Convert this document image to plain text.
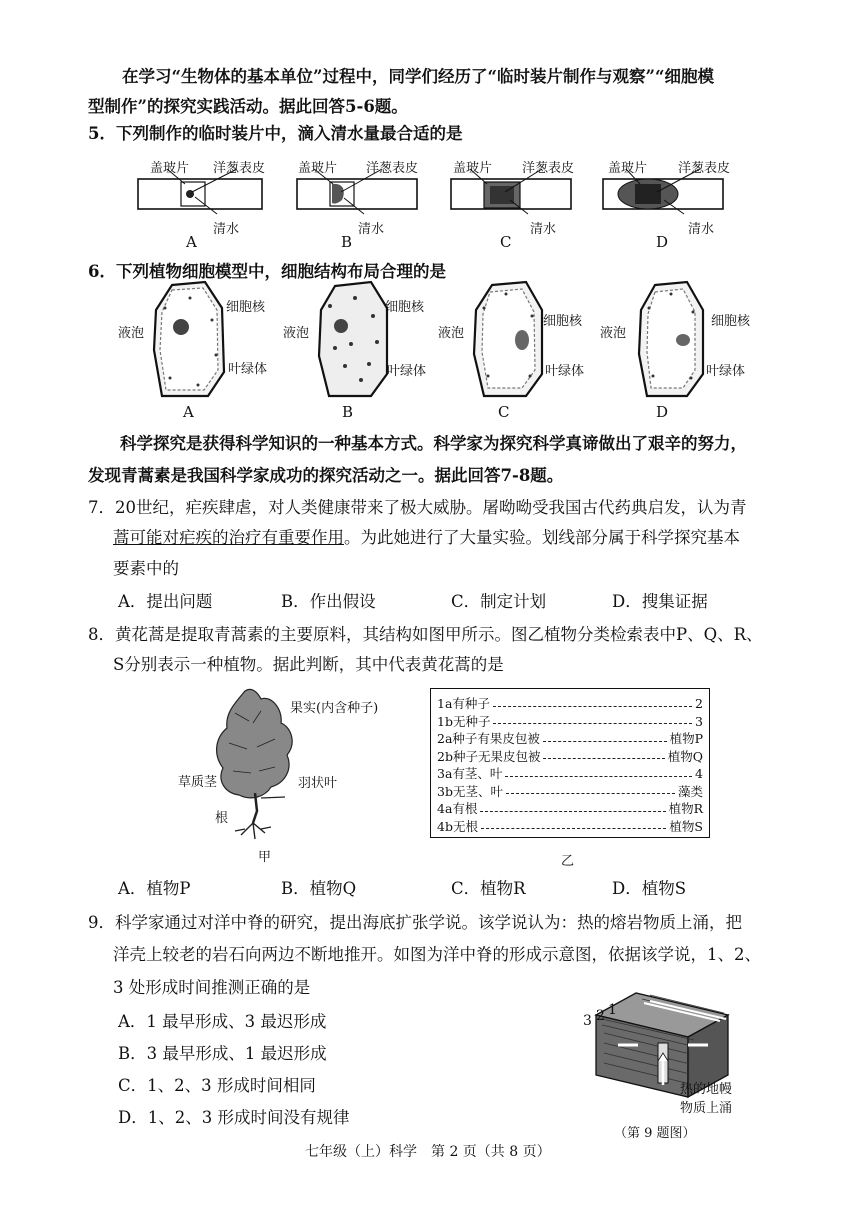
在学习“生物体的基本单位”过程中，同学们经历了“临时装片制作与观察”“细胞模
型制作”的探究实践活动。据此回答5-6题。
5．下列制作的临时装片中，滴入清水量最合适的是
盖玻片 洋葱表皮
清水
A
盖玻片 洋葱表皮
清水
B
盖玻片 洋葱表皮
清水
C
盖玻片 洋葱表皮
清水
D
6．下列植物细胞模型中，细胞结构布局合理的是
液泡
细胞核
叶绿体
A
液泡
细胞核
叶绿体
B
液泡
细胞核
叶绿体
C
液泡
细胞核
叶绿体
D
科学探究是获得科学知识的一种基本方式。科学家为探究科学真谛做出了艰辛的努力，
发现青蒿素是我国科学家成功的探究活动之一。据此回答7-8题。
7．20世纪，疟疾肆虐，对人类健康带来了极大威胁。屠呦呦受我国古代药典启发，认为青
蒿可能对疟疾的治疗有重要作用。为此她进行了大量实验。划线部分属于科学探究基本
要素中的
A．提出问题	B．作出假设	C．制定计划	D．搜集证据
8．黄花蒿是提取青蒿素的主要原料，其结构如图甲所示。图乙植物分类检索表中P、Q、R、
S分别表示一种植物。据此判断，其中代表黄花蒿的是
果实(内含种子)
草质茎	羽状叶
根
甲
1a有种子	2
1b无种子	3
2a种子有果皮包被	植物P
2b种子无果皮包被	植物Q
3a有茎、叶	4
3b无茎、叶	藻类
4a有根	植物R
4b无根	植物S
乙
A．植物P	B．植物Q	C．植物R	D．植物S
9．科学家通过对洋中脊的研究，提出海底扩张学说。该学说认为：热的熔岩物质上涌，把
洋壳上较老的岩石向两边不断地推开。如图为洋中脊的形成示意图，依据该学说，1、2、
3 处形成时间推测正确的是
A．1 最早形成、3 最迟形成
B．3 最早形成、1 最迟形成
C．1、2、3 形成时间相同
D．1、2、3 形成时间没有规律
3 2 1
热的地幔
物质上涌
（第 9 题图）
七年级（上）科学　第 2 页（共 8 页）
